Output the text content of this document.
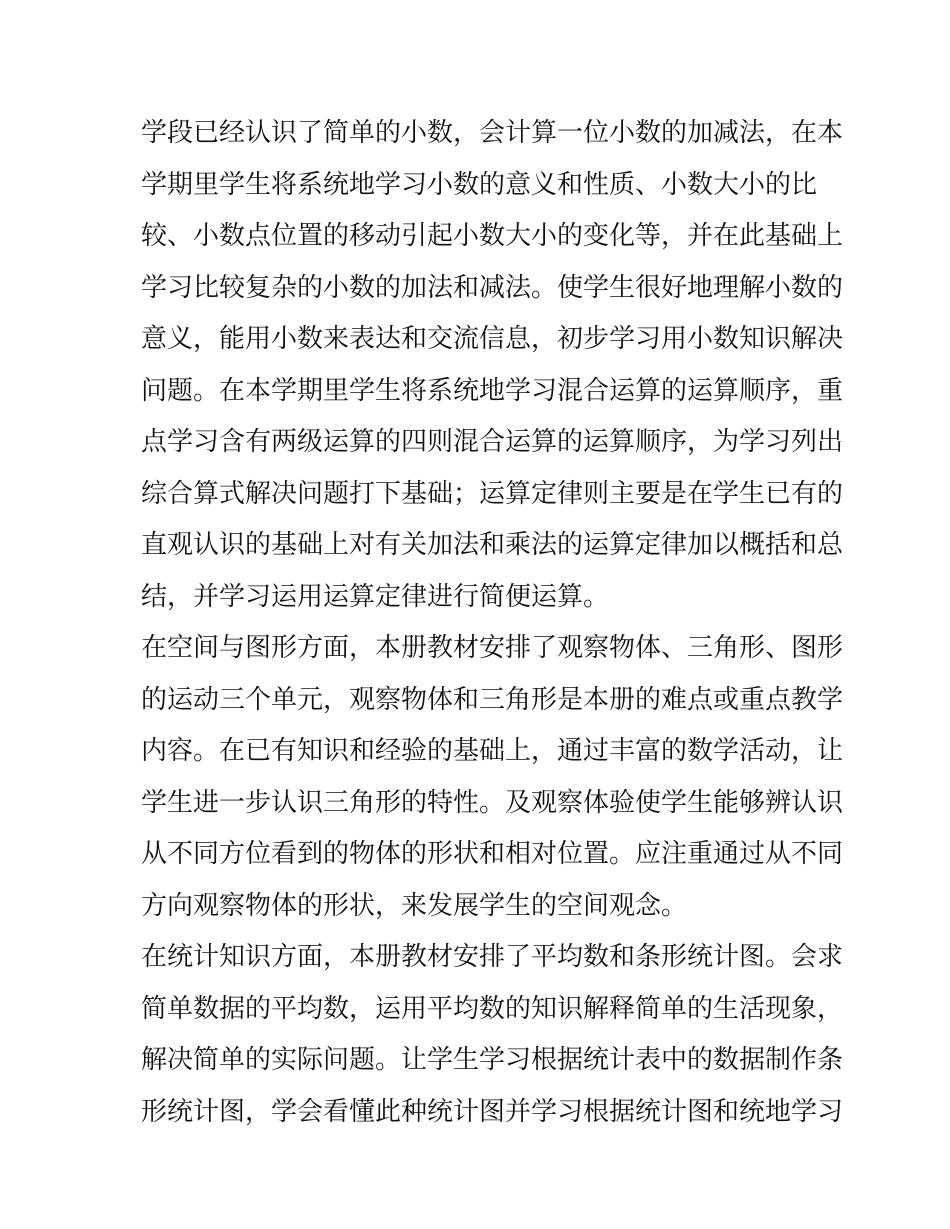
学段已经认识了简单的小数，会计算一位小数的加减法，在本
学期里学生将系统地学习小数的意义和性质、小数大小的比
较、小数点位置的移动引起小数大小的变化等，并在此基础上
学习比较复杂的小数的加法和减法。使学生很好地理解小数的
意义，能用小数来表达和交流信息，初步学习用小数知识解决
问题。在本学期里学生将系统地学习混合运算的运算顺序，重
点学习含有两级运算的四则混合运算的运算顺序，为学习列出
综合算式解决问题打下基础；运算定律则主要是在学生已有的
直观认识的基础上对有关加法和乘法的运算定律加以概括和总
结，并学习运用运算定律进行简便运算。
在空间与图形方面，本册教材安排了观察物体、三角形、图形
的运动三个单元，观察物体和三角形是本册的难点或重点教学
内容。在已有知识和经验的基础上，通过丰富的数学活动，让
学生进一步认识三角形的特性。及观察体验使学生能够辨认识
从不同方位看到的物体的形状和相对位置。应注重通过从不同
方向观察物体的形状，来发展学生的空间观念。
在统计知识方面，本册教材安排了平均数和条形统计图。会求
简单数据的平均数，运用平均数的知识解释简单的生活现象，
解决简单的实际问题。让学生学习根据统计表中的数据制作条
形统计图，学会看懂此种统计图并学习根据统计图和统地学习
